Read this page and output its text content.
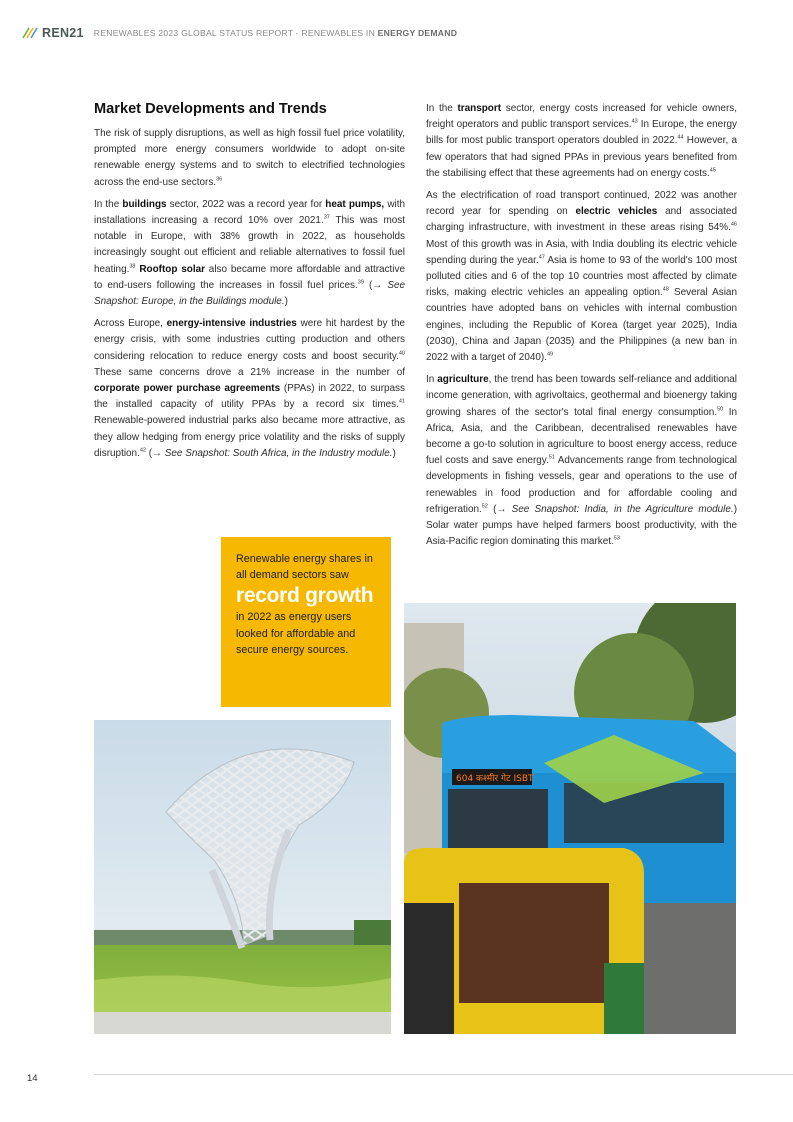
REN21 RENEWABLES 2023 GLOBAL STATUS REPORT - RENEWABLES IN ENERGY DEMAND
Market Developments and Trends

The risk of supply disruptions, as well as high fossil fuel price volatility, prompted more energy consumers worldwide to adopt on-site renewable energy systems and to switch to electrified technologies across the end-use sectors.$^{36}$

In the buildings sector, 2022 was a record year for heat pumps, with installations increasing a record 10% over 2021.37 This was most notable in Europe, with 38% growth in 2022, as households increasingly sought out efficient and reliable alternatives to fossil fuel heating.$^{38}$ Rooftop solar also became more affordable and attractive to end-users following the increases in fossil fuel prices.$^{39}$ (→ See Snapshot: Europe, in the Buildings module.)

Across Europe, energy-intensive industries were hit hardest by the energy crisis, with some industries cutting production and others considering relocation to reduce energy costs and boost security.$^{40}$ These same concerns drove a 21% increase in the number of corporate power purchase agreements (PPAs) in 2022, to surpass the installed capacity of utility PPAs by a record six times.$^{41}$ Renewable-powered industrial parks also became more attractive, as they allow hedging from energy price volatility and the risks of supply disruption.$^{42}$ (→ See Snapshot: South Africa, in the Industry module.)

In the transport sector, energy costs increased for vehicle owners, freight operators and public transport services.$^{43}$ In Europe, the energy bills for most public transport operators doubled in 2022.44 However, a few operators that had signed PPAs in previous years benefited from the stabilising effect that these agreements had on energy costs.$^{45}$

As the electrification of road transport continued, 2022 was another record year for spending on electric vehicles and associated charging infrastructure, with investment in these areas rising 54%.$^{46}$ Most of this growth was in Asia, with India doubling its electric vehicle spending during the year.$^{47}$ Asia is home to 93 of the world's 100 most polluted cities and 6 of the top 10 countries most affected by climate risks, making electric vehicles an appealing option.$^{48}$ Several Asian countries have adopted bans on vehicles with internal combustion engines, including the Republic of Korea (target year 2025), India (2030), China and Japan (2035) and the Philippines (a new ban in 2022 with a target of 2040).$^{49}$

In agriculture, the trend has been towards self-reliance and additional income generation, with agrivoltaics, geothermal and bioenergy taking growing shares of the sector's total final energy consumption.$^{50}$ In Africa, Asia, and the Caribbean, decentralised renewables have become a go-to solution in agriculture to boost energy access, reduce fuel costs and save energy.$^{51}$ Advancements range from technological developments in fishing vessels, gear and operations to the use of renewables in food production and for affordable cooling and refrigeration.$^{52}$ (→ See Snapshot: India, in the Agriculture module.) Solar water pumps have helped farmers boost productivity, with the Asia-Pacific region dominating this market.$^{53}$

Renewable energy shares in all demand sectors saw
record growth
in 2022 as energy users looked for affordable and secure energy sources.
604 कश्मीर गेट ISBT
14
